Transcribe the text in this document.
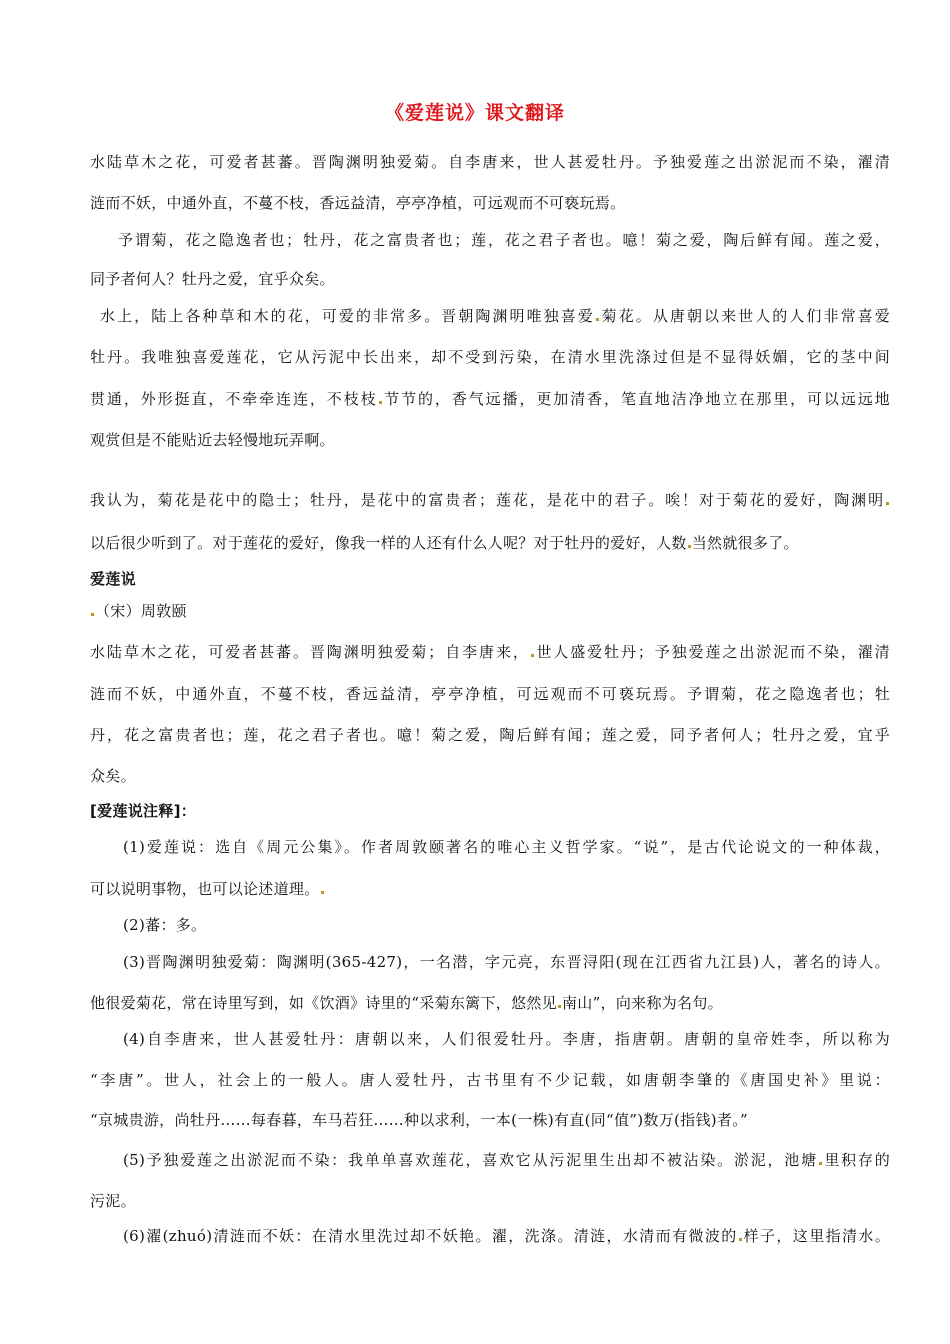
《爱莲说》课文翻译
水陆草木之花，可爱者甚蕃。晋陶渊明独爱菊。自李唐来，世人甚爱牡丹。予独爱莲之出淤泥而不染，濯清
涟而不妖，中通外直，不蔓不枝，香远益清，亭亭净植，可远观而不可亵玩焉。
予谓菊，花之隐逸者也；牡丹，花之富贵者也；莲，花之君子者也。噫！菊之爱，陶后鲜有闻。莲之爱，
同予者何人？牡丹之爱，宜乎众矣。
水上，陆上各种草和木的花，可爱的非常多。晋朝陶渊明唯独喜爱 菊花。从唐朝以来世人的人们非常喜爱
牡丹。我唯独喜爱莲花，它从污泥中长出来，却不受到污染，在清水里洗涤过但是不显得妖媚，它的茎中间
贯通，外形挺直，不牵牵连连，不枝枝 节节的，香气远播，更加清香，笔直地洁净地立在那里，可以远远地
观赏但是不能贴近去轻慢地玩弄啊。
我认为，菊花是花中的隐士；牡丹，是花中的富贵者；莲花，是花中的君子。唉！对于菊花的爱好，陶渊明
以后很少听到了。对于莲花的爱好，像我一样的人还有什么人呢？对于牡丹的爱好，人数 当然就很多了。
爱莲说
（宋）周敦颐
水陆草木之花，可爱者甚蕃。晋陶渊明独爱菊；自李唐来， 世人盛爱牡丹；予独爱莲之出淤泥而不染，濯清
涟而不妖，中通外直，不蔓不枝，香远益清，亭亭净植，可远观而不可亵玩焉。予谓菊，花之隐逸者也；牡
丹，花之富贵者也；莲，花之君子者也。噫！菊之爱，陶后鲜有闻；莲之爱，同予者何人；牡丹之爱，宜乎
众矣。
[爱莲说注释]：
(1)爱莲说：选自《周元公集》。作者周敦颐著名的唯心主义哲学家。“说”，是古代论说文的一种体裁，
可以说明事物，也可以论述道理。
(2)蕃：多。
(3)晋陶渊明独爱菊：陶渊明(365-427)，一名潜，字元亮，东晋浔阳(现在江西省九江县)人，著名的诗人。
他很爱菊花，常在诗里写到，如《饮酒》诗里的“采菊东篱下，悠然见 南山”，向来称为名句。
(4)自李唐来，世人甚爱牡丹：唐朝以来，人们很爱牡丹。李唐，指唐朝。唐朝的皇帝姓李，所以称为
“李唐”。世人，社会上的一般人。唐人爱牡丹，古书里有不少记载，如唐朝李肇的《唐国史补》里说：
“京城贵游，尚牡丹……每春暮，车马若狂……种以求利，一本(一株)有直(同“值”)数万(指钱)者。”
(5)予独爱莲之出淤泥而不染：我单单喜欢莲花，喜欢它从污泥里生出却不被沾染。淤泥，池塘 里积存的
污泥。
(6)濯(zhuó)清涟而不妖：在清水里洗过却不妖艳。濯，洗涤。清涟，水清而有微波的 样子，这里指清水。
